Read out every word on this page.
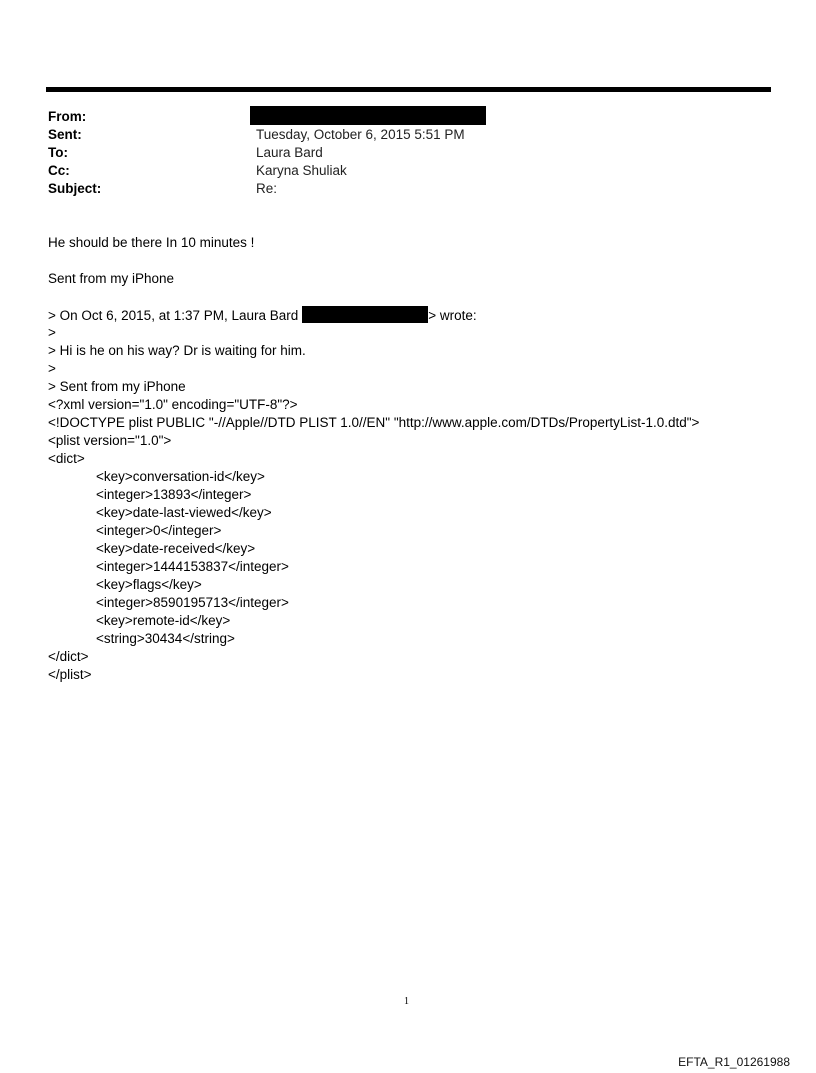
From:
Sent:	Tuesday, October 6, 2015 5:51 PM
To:	Laura Bard
Cc:	Karyna Shuliak
Subject:	Re:
He should be there In 10 minutes !
Sent from my iPhone
> On Oct 6, 2015, at 1:37 PM, Laura Bard	> wrote:
>
> Hi is he on his way? Dr is waiting for him.
>
> Sent from my iPhone
<?xml version="1.0" encoding="UTF-8"?>
<!DOCTYPE plist PUBLIC "-//Apple//DTD PLIST 1.0//EN" "http://www.apple.com/DTDs/PropertyList-1.0.dtd">
<plist version="1.0">
<dict>
<key>conversation-id</key>
<integer>13893</integer>
<key>date-last-viewed</key>
<integer>0</integer>
<key>date-received</key>
<integer>1444153837</integer>
<key>flags</key>
<integer>8590195713</integer>
<key>remote-id</key>
<string>30434</string>
</dict>
</plist>
1
EFTA_R1_01261988
